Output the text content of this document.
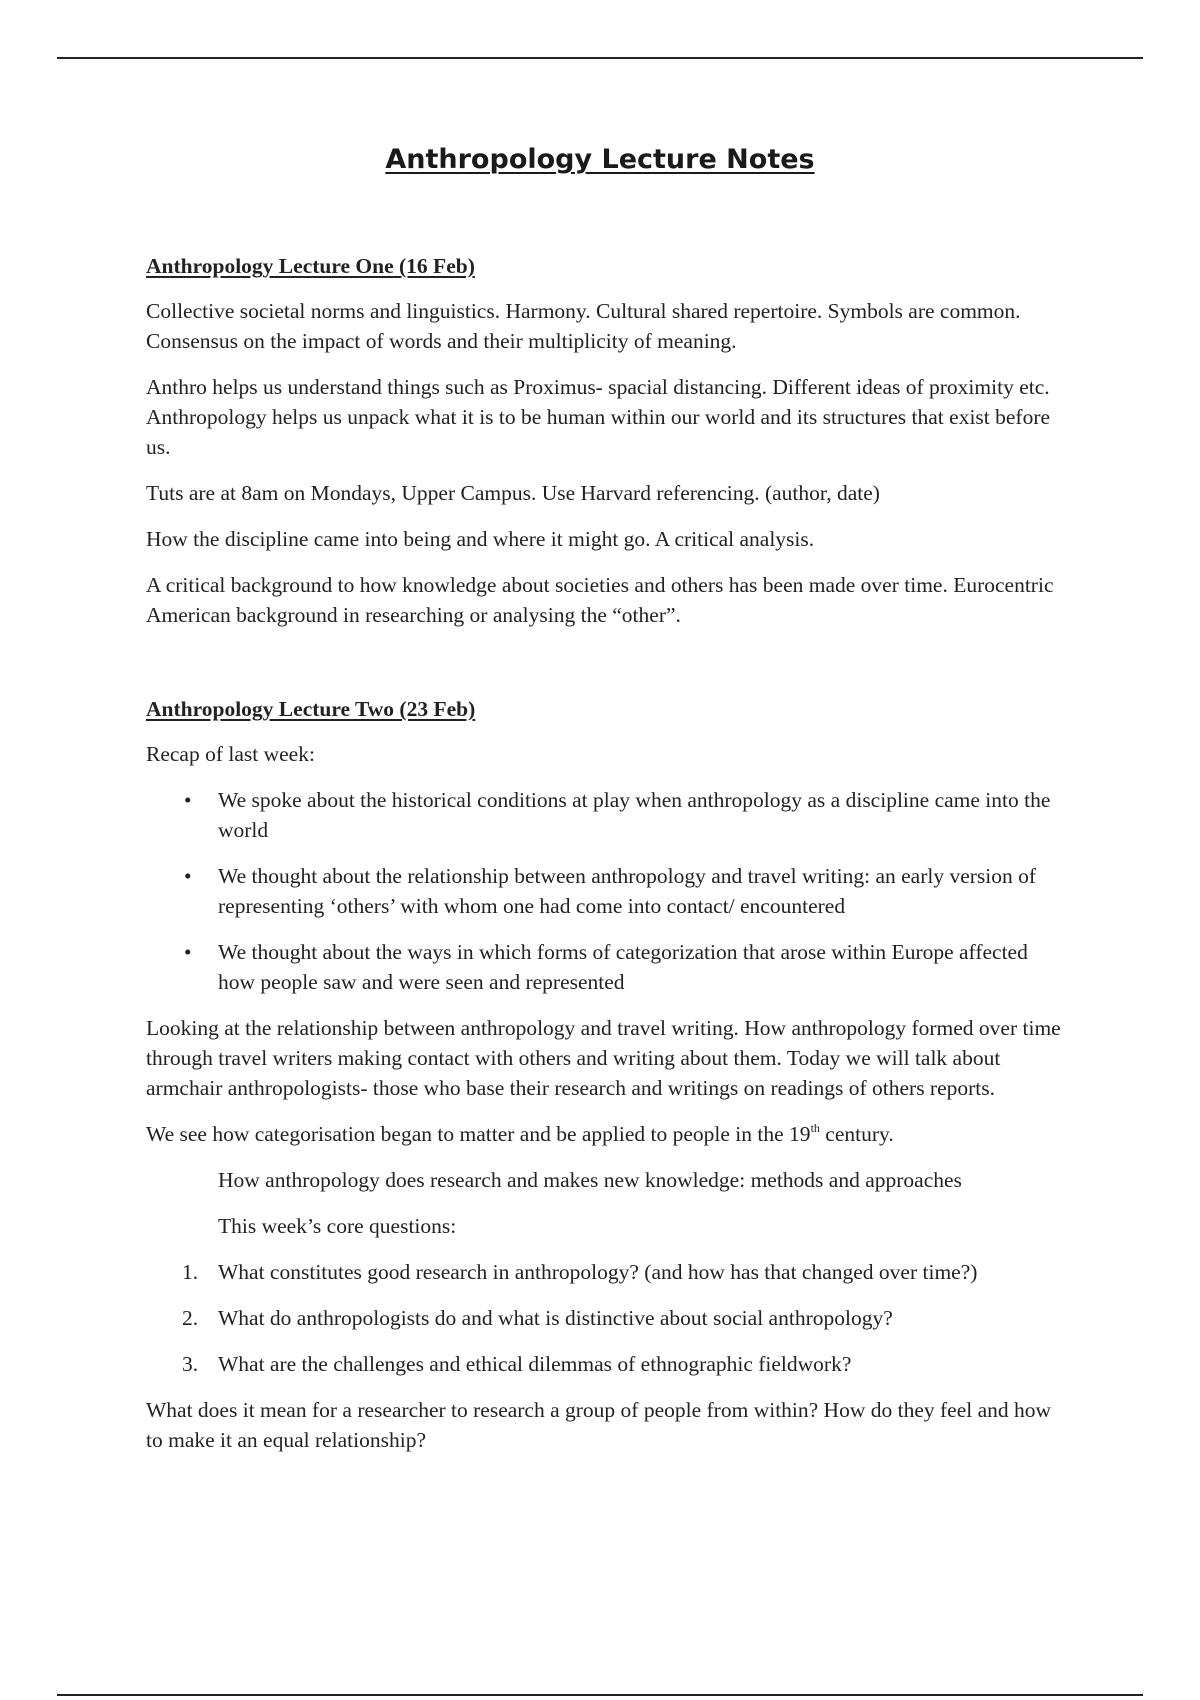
Anthropology Lecture Notes
Anthropology Lecture One (16 Feb)

Collective societal norms and linguistics. Harmony. Cultural shared repertoire. Symbols are common. Consensus on the impact of words and their multiplicity of meaning.

Anthro helps us understand things such as Proximus- spacial distancing. Different ideas of proximity etc. Anthropology helps us unpack what it is to be human within our world and its structures that exist before us.

Tuts are at 8am on Mondays, Upper Campus. Use Harvard referencing. (author, date)

How the discipline came into being and where it might go. A critical analysis.

A critical background to how knowledge about societies and others has been made over time. Eurocentric American background in researching or analysing the “other”.

Anthropology Lecture Two (23 Feb)

Recap of last week:

• We spoke about the historical conditions at play when anthropology as a discipline came into the world
• We thought about the relationship between anthropology and travel writing: an early version of representing ‘others’ with whom one had come into contact/ encountered
• We thought about the ways in which forms of categorization that arose within Europe affected how people saw and were seen and represented

Looking at the relationship between anthropology and travel writing. How anthropology formed over time through travel writers making contact with others and writing about them. Today we will talk about armchair anthropologists- those who base their research and writings on readings of others reports.

We see how categorisation began to matter and be applied to people in the 19th century.

How anthropology does research and makes new knowledge: methods and approaches

This week’s core questions:

1. What constitutes good research in anthropology? (and how has that changed over time?)
2. What do anthropologists do and what is distinctive about social anthropology?
3. What are the challenges and ethical dilemmas of ethnographic fieldwork?

What does it mean for a researcher to research a group of people from within? How do they feel and how to make it an equal relationship?
